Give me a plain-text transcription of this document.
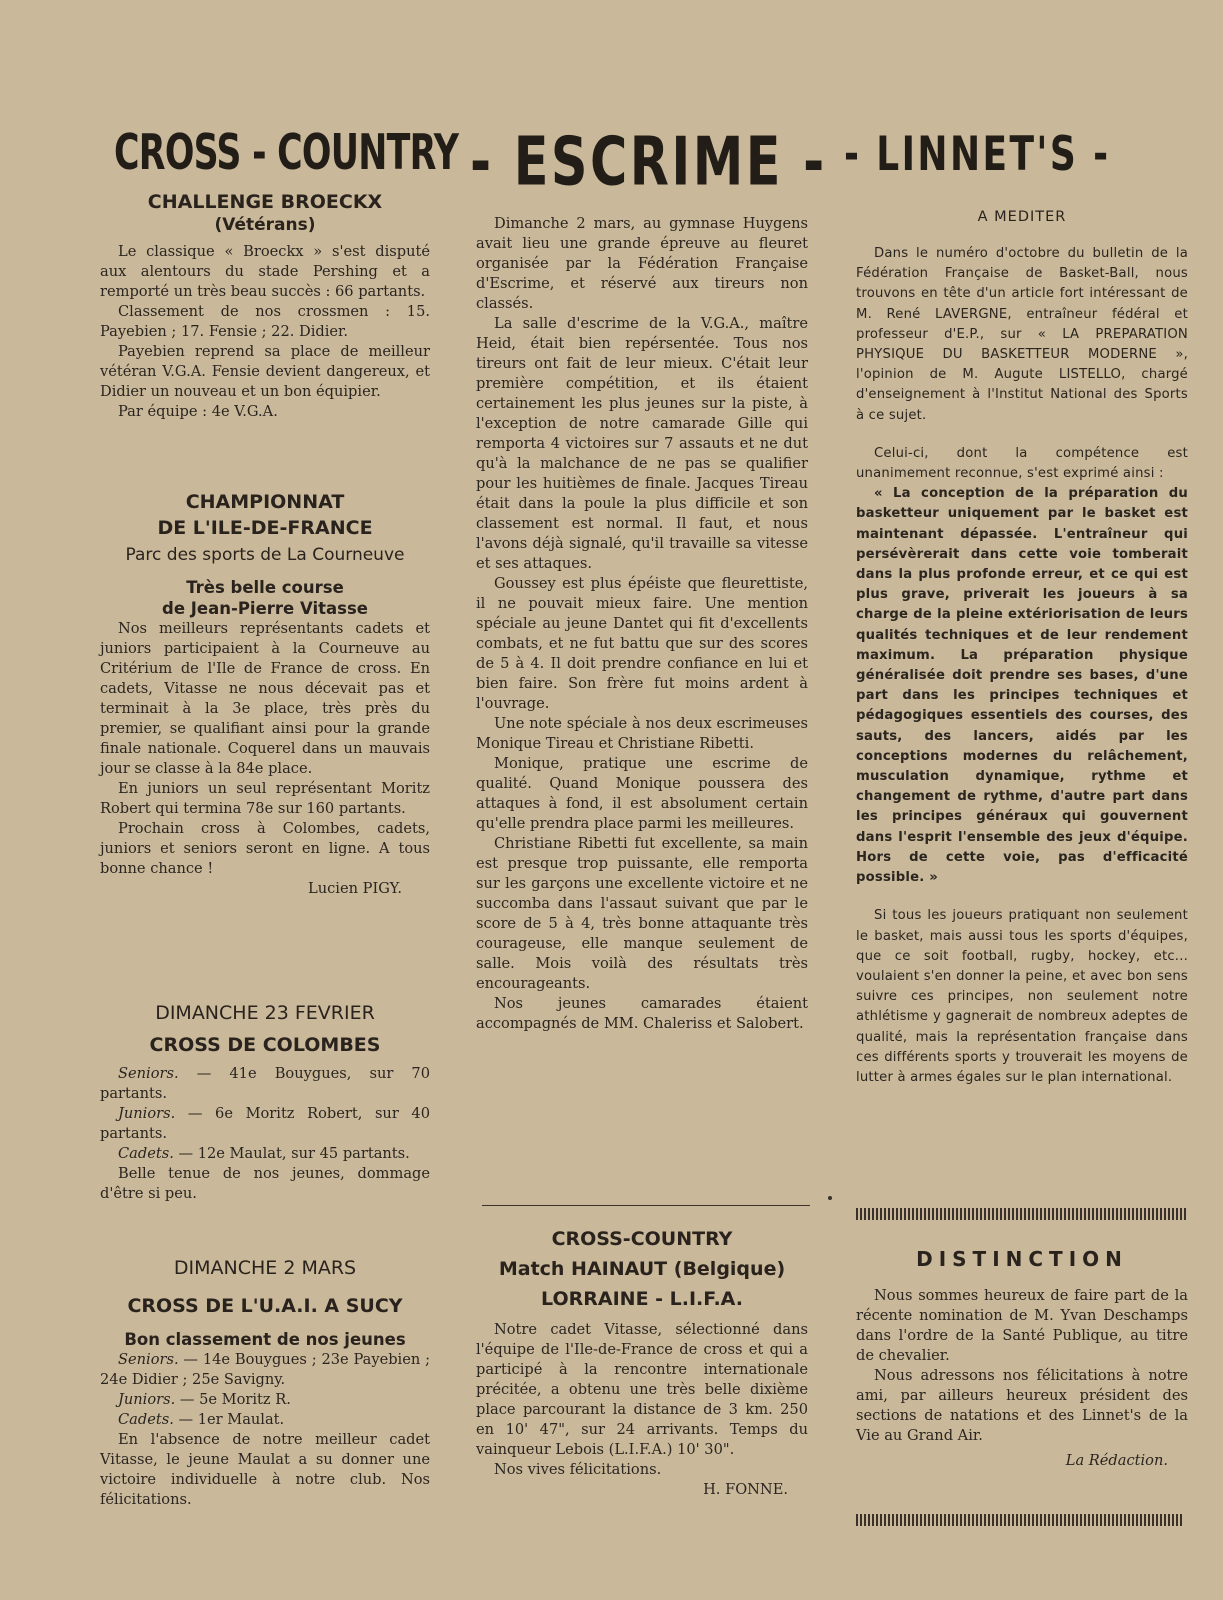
CROSS - COUNTRY - ESCRIME - - LINNET'S -
CHALLENGE BROECKX
(Vétérans)

Le classique « Broeckx » s'est disputé aux alentours du stade Pershing et a remporté un très beau succès : 66 partants.

Classement de nos crossmen : 15. Payebien ; 17. Fensie ; 22. Didier.

Payebien reprend sa place de meilleur vétéran V.G.A. Fensie devient dangereux, et Didier un nouveau et un bon équipier.

Par équipe : 4e V.G.A.

CHAMPIONNAT
DE L'ILE-DE-FRANCE
Parc des sports de La Courneuve
Très belle course
de Jean-Pierre Vitasse

Nos meilleurs représentants cadets et juniors participaient à la Courneuve au Critérium de l'Ile de France de cross. En cadets, Vitasse ne nous décevait pas et terminait à la 3e place, très près du premier, se qualifiant ainsi pour la grande finale nationale. Coquerel dans un mauvais jour se classe à la 84e place.

En juniors un seul représentant Moritz Robert qui termina 78e sur 160 partants.

Prochain cross à Colombes, cadets, juniors et seniors seront en ligne. A tous bonne chance !

Lucien PIGY.

DIMANCHE 23 FEVRIER
CROSS DE COLOMBES

Seniors. — 41e Bouygues, sur 70 partants.

Juniors. — 6e Moritz Robert, sur 40 partants.

Cadets. — 12e Maulat, sur 45 partants.

Belle tenue de nos jeunes, dommage d'être si peu.

DIMANCHE 2 MARS
CROSS DE L'U.A.I. A SUCY
Bon classement de nos jeunes

Seniors. — 14e Bouygues ; 23e Payebien ; 24e Didier ; 25e Savigny.

Juniors. — 5e Moritz R.

Cadets. — 1er Maulat.

En l'absence de notre meilleur cadet Vitasse, le jeune Maulat a su donner une victoire individuelle à notre club. Nos félicitations.

Dimanche 2 mars, au gymnase Huygens avait lieu une grande épreuve au fleuret organisée par la Fédération Française d'Escrime, et réservé aux tireurs non classés.

La salle d'escrime de la V.G.A., maître Heid, était bien repérsentée. Tous nos tireurs ont fait de leur mieux. C'était leur première compétition, et ils étaient certainement les plus jeunes sur la piste, à l'exception de notre camarade Gille qui remporta 4 victoires sur 7 assauts et ne dut qu'à la malchance de ne pas se qualifier pour les huitièmes de finale. Jacques Tireau était dans la poule la plus difficile et son classement est normal. Il faut, et nous l'avons déjà signalé, qu'il travaille sa vitesse et ses attaques.

Goussey est plus épéiste que fleurettiste, il ne pouvait mieux faire. Une mention spéciale au jeune Dantet qui fit d'excellents combats, et ne fut battu que sur des scores de 5 à 4. Il doit prendre confiance en lui et bien faire. Son frère fut moins ardent à l'ouvrage.

Une note spéciale à nos deux escrimeuses Monique Tireau et Christiane Ribetti.

Monique, pratique une escrime de qualité. Quand Monique poussera des attaques à fond, il est absolument certain qu'elle prendra place parmi les meilleures.

Christiane Ribetti fut excellente, sa main est presque trop puissante, elle remporta sur les garçons une excellente victoire et ne succomba dans l'assaut suivant que par le score de 5 à 4, très bonne attaquante très courageuse, elle manque seulement de salle. Mois voilà des résultats très encourageants.

Nos jeunes camarades étaient accompagnés de MM. Chaleriss et Salobert.

CROSS-COUNTRY
Match HAINAUT (Belgique)
LORRAINE - L.I.F.A.

Notre cadet Vitasse, sélectionné dans l'équipe de l'Ile-de-France de cross et qui a participé à la rencontre internationale précitée, a obtenu une très belle dixième place parcourant la distance de 3 km. 250 en 10' 47", sur 24 arrivants. Temps du vainqueur Lebois (L.I.F.A.) 10' 30".

Nos vives félicitations.

H. FONNE.

A MEDITER

Dans le numéro d'octobre du bulletin de la Fédération Française de Basket-Ball, nous trouvons en tête d'un article fort intéressant de M. René LAVERGNE, entraîneur fédéral et professeur d'E.P., sur « LA PREPARATION PHYSIQUE DU BASKETTEUR MODERNE », l'opinion de M. Augute LISTELLO, chargé d'enseignement à l'Institut National des Sports à ce sujet.

Celui-ci, dont la compétence est unanimement reconnue, s'est exprimé ainsi :

« La conception de la préparation du basketteur uniquement par le basket est maintenant dépassée. L'entraîneur qui persévèrerait dans cette voie tomberait dans la plus profonde erreur, et ce qui est plus grave, priverait les joueurs à sa charge de la pleine extériorisation de leurs qualités techniques et de leur rendement maximum. La préparation physique généralisée doit prendre ses bases, d'une part dans les principes techniques et pédagogiques essentiels des courses, des sauts, des lancers, aidés par les conceptions modernes du relâchement, musculation dynamique, rythme et changement de rythme, d'autre part dans les principes généraux qui gouvernent dans l'esprit l'ensemble des jeux d'équipe. Hors de cette voie, pas d'efficacité possible. »

Si tous les joueurs pratiquant non seulement le basket, mais aussi tous les sports d'équipes, que ce soit football, rugby, hockey, etc... voulaient s'en donner la peine, et avec bon sens suivre ces principes, non seulement notre athlétisme y gagnerait de nombreux adeptes de qualité, mais la représentation française dans ces différents sports y trouverait les moyens de lutter à armes égales sur le plan international.

DISTINCTION

Nous sommes heureux de faire part de la récente nomination de M. Yvan Deschamps dans l'ordre de la Santé Publique, au titre de chevalier.

Nous adressons nos félicitations à notre ami, par ailleurs heureux président des sections de natations et des Linnet's de la Vie au Grand Air.

La Rédaction.
